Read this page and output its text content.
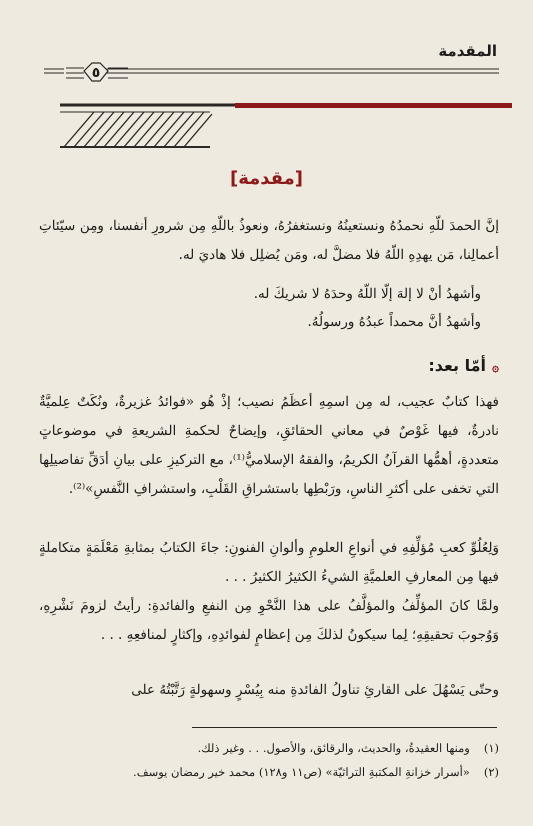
المقدمة
٥
[مقدمة]

إنَّ الحمدَ للّهِ نحمدُهُ ونستعينُهُ ونستغفرُهُ، ونعوذُ باللّهِ مِن شرورِ أنفسنا، ومِن سيّئاتِ أعمالِنا، مَن يهدِهِ اللّهُ فلا مضلَّ له، ومَن يُضلِل فلا هاديَ له.

وأشهدُ أنْ لا إلهَ إلّا اللّهُ وحدَهُ لا شريكَ له.

وأشهدُ أنَّ محمداً عبدُهُ ورسولُهُ.

۞أمّا بعد:

فهذا كتابٌ عجيب، له مِن اسمِهِ أعظَمُ نصيب؛ إذْ هُو «فوائدُ غزيرةٌ، ونُكَتٌ عِلميَّةٌ نادرةٌ، فيها غَوْصٌ في معاني الحقائقِ، وإيضاحٌ لحكمةِ الشريعةِ في موضوعاتٍ متعددةٍ، أهمُّها القرآنُ الكريمُ، والفقهُ الإسلاميُّ⁽¹⁾، مع التركيزِ على بيانِ أدَقِّ تفاصيلِها التي تخفى على أكثرِ الناسِ، ورَبْطِها باستشراقِ القَلْبِ، واستشرافِ النَّفسِ»⁽²⁾.

وَلِعُلُوِّ كعبِ مُؤلِّفِهِ في أنواعِ العلومِ وألوانِ الفنونِ: جاءَ الكتابُ بمثابةِ مَعْلَمَةٍ متكاملةٍ فيها مِن المعارفِ العلميَّةِ الشيءُ الكثيرُ الكثيرُ . . .

ولمَّا كانَ المؤلِّفُ والمؤلَّفُ على هذا النَّحْوِ مِن النفعِ والفائدةِ: رأيتُ لزومَ نَشْرِهِ، وَوُجوبَ تحقيقِهِ؛ لِما سيكونُ لذلكَ مِن إعظامٍ لفوائدِهِ، وإكثارٍ لمنافعِهِ . . .

وحتّى يَسْهُلَ على القارئِ تناولُ الفائدةِ منه بِيُسْرٍ وسهولةٍ رَتَّبْتُهُ على

(١)ومنها العقيدةُ، والحديث، والرقائق، والأصول. . . وغير ذلك.
(٢)«أسرار خزانةِ المكتبةِ التراثيّة» (ص١١ و١٢٨) محمد خير رمضان يوسف.
